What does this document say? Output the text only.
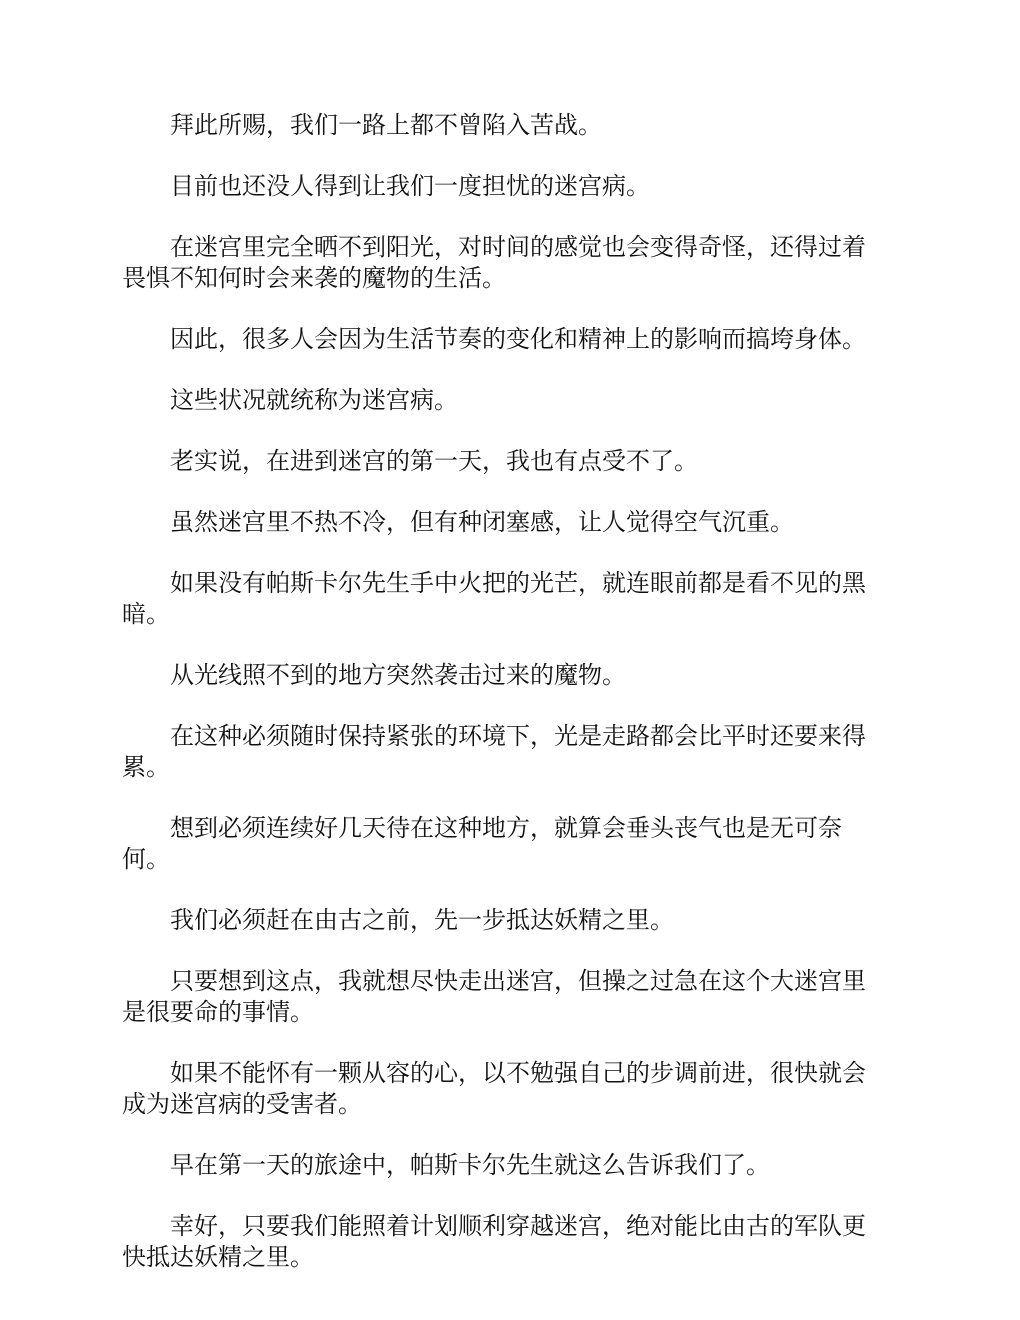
拜此所赐，我们一路上都不曾陷入苦战。

目前也还没人得到让我们一度担忧的迷宫病。

在迷宫里完全晒不到阳光，对时间的感觉也会变得奇怪，还得过着
畏惧不知何时会来袭的魔物的生活。

因此，很多人会因为生活节奏的变化和精神上的影响而搞垮身体。

这些状况就统称为迷宫病。

老实说，在进到迷宫的第一天，我也有点受不了。

虽然迷宫里不热不冷，但有种闭塞感，让人觉得空气沉重。

如果没有帕斯卡尔先生手中火把的光芒，就连眼前都是看不见的黑
暗。

从光线照不到的地方突然袭击过来的魔物。

在这种必须随时保持紧张的环境下，光是走路都会比平时还要来得
累。

想到必须连续好几天待在这种地方，就算会垂头丧气也是无可奈
何。

我们必须赶在由古之前，先一步抵达妖精之里。

只要想到这点，我就想尽快走出迷宫，但操之过急在这个大迷宫里
是很要命的事情。

如果不能怀有一颗从容的心，以不勉强自己的步调前进，很快就会
成为迷宫病的受害者。

早在第一天的旅途中，帕斯卡尔先生就这么告诉我们了。

幸好，只要我们能照着计划顺利穿越迷宫，绝对能比由古的军队更
快抵达妖精之里。
